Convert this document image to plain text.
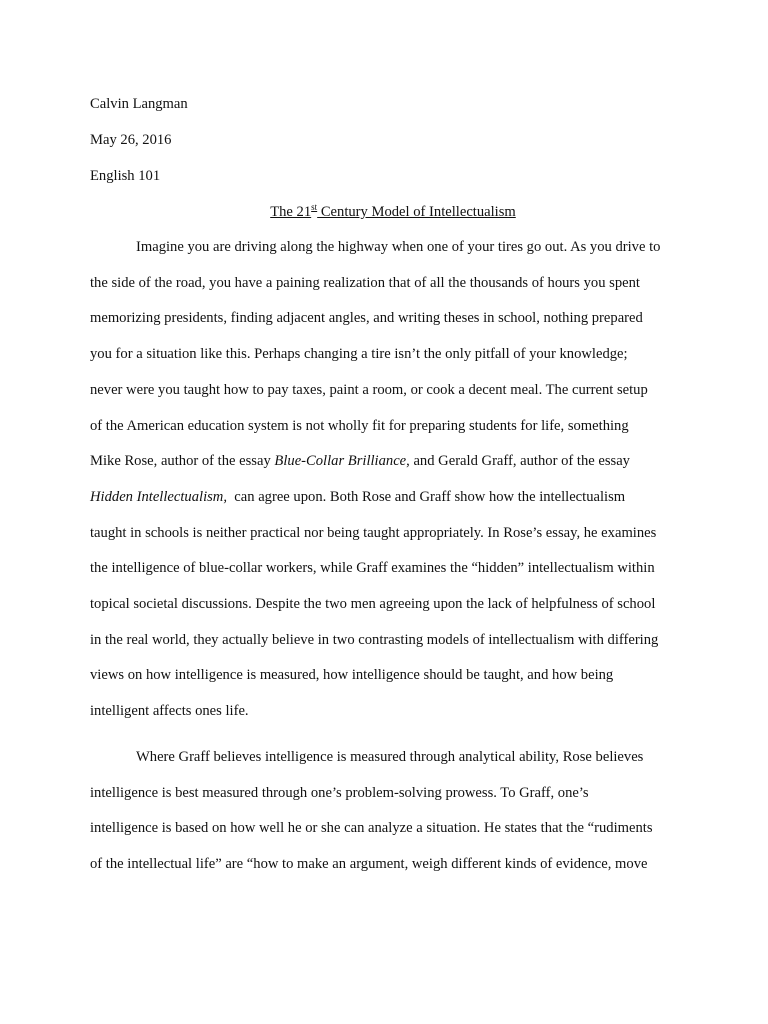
Calvin Langman

May 26, 2016

English 101

The 21st Century Model of Intellectualism

Imagine you are driving along the highway when one of your tires go out. As you drive to
the side of the road, you have a paining realization that of all the thousands of hours you spent
memorizing presidents, finding adjacent angles, and writing theses in school, nothing prepared
you for a situation like this. Perhaps changing a tire isn’t the only pitfall of your knowledge;
never were you taught how to pay taxes, paint a room, or cook a decent meal. The current setup
of the American education system is not wholly fit for preparing students for life, something
Mike Rose, author of the essay Blue-Collar Brilliance, and Gerald Graff, author of the essay
Hidden Intellectualism,  can agree upon. Both Rose and Graff show how the intellectualism
taught in schools is neither practical nor being taught appropriately. In Rose’s essay, he examines
the intelligence of blue-collar workers, while Graff examines the “hidden” intellectualism within
topical societal discussions. Despite the two men agreeing upon the lack of helpfulness of school
in the real world, they actually believe in two contrasting models of intellectualism with differing
views on how intelligence is measured, how intelligence should be taught, and how being
intelligent affects ones life.
Where Graff believes intelligence is measured through analytical ability, Rose believes
intelligence is best measured through one’s problem-solving prowess. To Graff, one’s
intelligence is based on how well he or she can analyze a situation. He states that the “rudiments
of the intellectual life” are “how to make an argument, weigh different kinds of evidence, move
